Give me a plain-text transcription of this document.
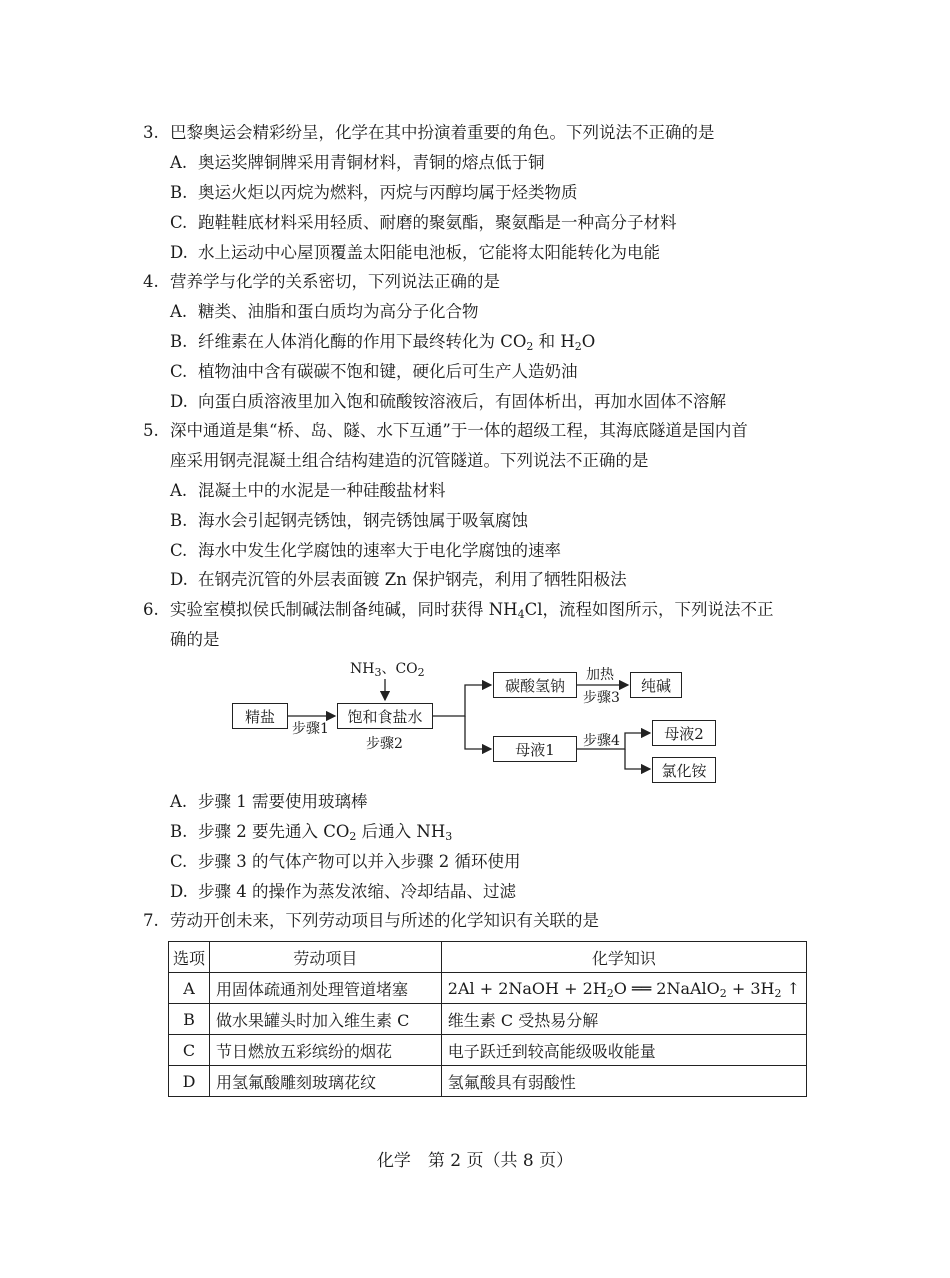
3. 巴黎奥运会精彩纷呈，化学在其中扮演着重要的角色。下列说法不正确的是
A. 奥运奖牌铜牌采用青铜材料，青铜的熔点低于铜
B. 奥运火炬以丙烷为燃料，丙烷与丙醇均属于烃类物质
C. 跑鞋鞋底材料采用轻质、耐磨的聚氨酯，聚氨酯是一种高分子材料
D. 水上运动中心屋顶覆盖太阳能电池板，它能将太阳能转化为电能
4. 营养学与化学的关系密切，下列说法正确的是
A. 糖类、油脂和蛋白质均为高分子化合物
B. 纤维素在人体消化酶的作用下最终转化为 $CO_2$ 和 $H_2O$
C. 植物油中含有碳碳不饱和键，硬化后可生产人造奶油
D. 向蛋白质溶液里加入饱和硫酸铵溶液后，有固体析出，再加水固体不溶解
5. 深中通道是集“桥、岛、隧、水下互通”于一体的超级工程，其海底隧道是国内首
座采用钢壳混凝土组合结构建造的沉管隧道。下列说法不正确的是
A. 混凝土中的水泥是一种硅酸盐材料
B. 海水会引起钢壳锈蚀，钢壳锈蚀属于吸氧腐蚀
C. 海水中发生化学腐蚀的速率大于电化学腐蚀的速率
D. 在钢壳沉管的外层表面镀 Zn 保护钢壳，利用了牺牲阳极法
6. 实验室模拟侯氏制碱法制备纯碱，同时获得 $NH_4Cl$，流程如图所示，下列说法不正
确的是
$NH_3$、$CO_2$
精盐	饱和食盐水
碳酸氢钠	纯碱
母液1
母液2
氯化铵
步骤1
步骤2
加热
步骤3
步骤4
A. 步骤 1 需要使用玻璃棒
B. 步骤 2 要先通入 $CO_2$ 后通入 $NH_3$
C. 步骤 3 的气体产物可以并入步骤 2 循环使用
D. 步骤 4 的操作为蒸发浓缩、冷却结晶、过滤
7. 劳动开创未来，下列劳动项目与所述的化学知识有关联的是
选项	劳动项目	化学知识
A	用固体疏通剂处理管道堵塞	2Al + 2NaOH + $2H_2O$ ══ 2NaAlO$_2$ + $3H_2$ ↑
B	做水果罐头时加入维生素 C	维生素 C 受热易分解
C	节日燃放五彩缤纷的烟花	电子跃迁到较高能级吸收能量
D	用氢氟酸雕刻玻璃花纹	氢氟酸具有弱酸性
化学　第 2 页（共 8 页）
